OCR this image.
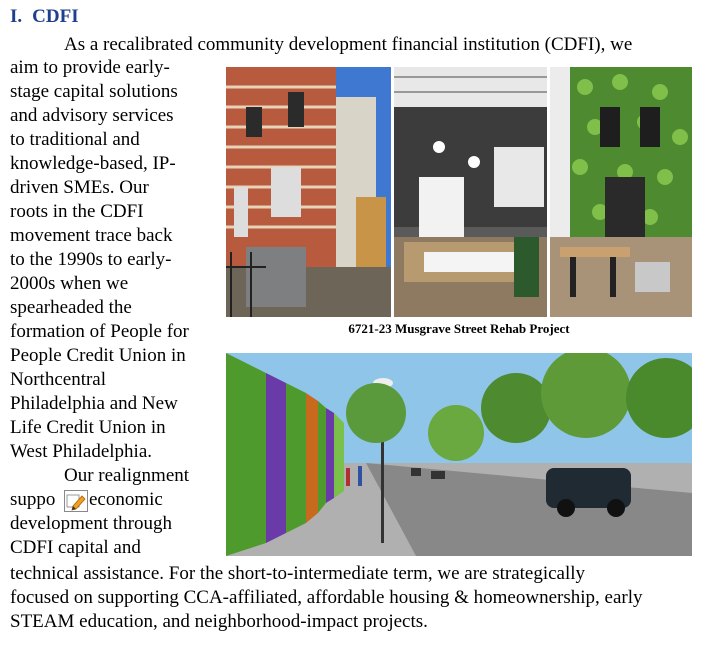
I. CDFI
As a recalibrated community development financial institution (CDFI), we
aim to provide early-
stage capital solutions
and advisory services
to traditional and
knowledge-based, IP-
driven SMEs. Our
roots in the CDFI
movement trace back
to the 1990s to early-
2000s when we
spearheaded the
formation of People for
People Credit Union in
Northcentral
Philadelphia and New
Life Credit Union in
West Philadelphia.
Our realignment
suppo economic
development through
CDFI capital and
technical assistance. For the short-to-intermediate term, we are strategically
focused on supporting CCA-affiliated, affordable housing & homeownership, early
STEAM education, and neighborhood-impact projects.
6721-23 Musgrave Street Rehab Project
